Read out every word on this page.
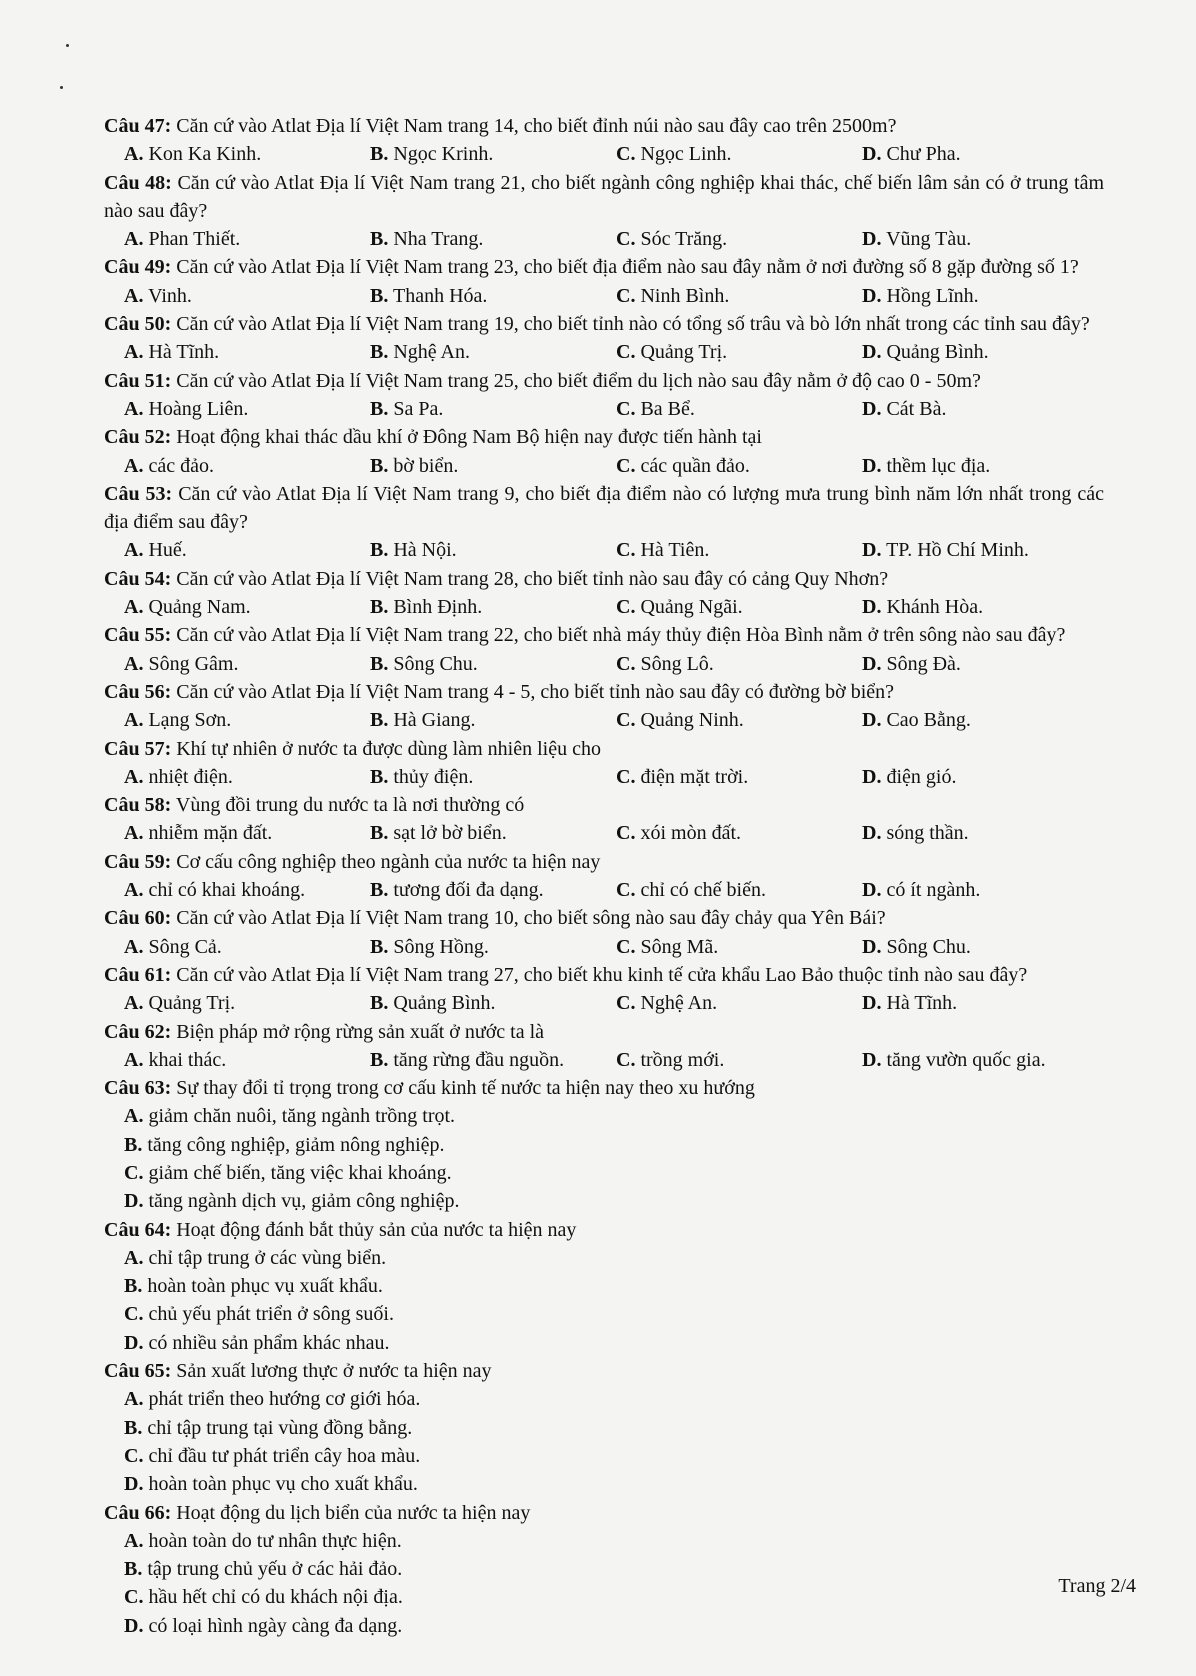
Câu 47: Căn cứ vào Atlat Địa lí Việt Nam trang 14, cho biết đỉnh núi nào sau đây cao trên 2500m?
A. Kon Ka Kinh.	B. Ngọc Krinh.	C. Ngọc Linh.	D. Chư Pha.
Câu 48: Căn cứ vào Atlat Địa lí Việt Nam trang 21, cho biết ngành công nghiệp khai thác, chế biến lâm sản có ở trung tâm nào sau đây?
A. Phan Thiết.	B. Nha Trang.	C. Sóc Trăng.	D. Vũng Tàu.
Câu 49: Căn cứ vào Atlat Địa lí Việt Nam trang 23, cho biết địa điểm nào sau đây nằm ở nơi đường số 8 gặp đường số 1?
A. Vinh.	B. Thanh Hóa.	C. Ninh Bình.	D. Hồng Lĩnh.
Câu 50: Căn cứ vào Atlat Địa lí Việt Nam trang 19, cho biết tỉnh nào có tổng số trâu và bò lớn nhất trong các tỉnh sau đây?
A. Hà Tĩnh.	B. Nghệ An.	C. Quảng Trị.	D. Quảng Bình.
Câu 51: Căn cứ vào Atlat Địa lí Việt Nam trang 25, cho biết điểm du lịch nào sau đây nằm ở độ cao 0 - 50m?
A. Hoàng Liên.	B. Sa Pa.	C. Ba Bể.	D. Cát Bà.
Câu 52: Hoạt động khai thác dầu khí ở Đông Nam Bộ hiện nay được tiến hành tại
A. các đảo.	B. bờ biển.	C. các quần đảo.	D. thềm lục địa.
Câu 53: Căn cứ vào Atlat Địa lí Việt Nam trang 9, cho biết địa điểm nào có lượng mưa trung bình năm lớn nhất trong các địa điểm sau đây?
A. Huế.	B. Hà Nội.	C. Hà Tiên.	D. TP. Hồ Chí Minh.
Câu 54: Căn cứ vào Atlat Địa lí Việt Nam trang 28, cho biết tỉnh nào sau đây có cảng Quy Nhơn?
A. Quảng Nam.	B. Bình Định.	C. Quảng Ngãi.	D. Khánh Hòa.
Câu 55: Căn cứ vào Atlat Địa lí Việt Nam trang 22, cho biết nhà máy thủy điện Hòa Bình nằm ở trên sông nào sau đây?
A. Sông Gâm.	B. Sông Chu.	C. Sông Lô.	D. Sông Đà.
Câu 56: Căn cứ vào Atlat Địa lí Việt Nam trang 4 - 5, cho biết tỉnh nào sau đây có đường bờ biển?
A. Lạng Sơn.	B. Hà Giang.	C. Quảng Ninh.	D. Cao Bằng.
Câu 57: Khí tự nhiên ở nước ta được dùng làm nhiên liệu cho
A. nhiệt điện.	B. thủy điện.	C. điện mặt trời.	D. điện gió.
Câu 58: Vùng đồi trung du nước ta là nơi thường có
A. nhiễm mặn đất.	B. sạt lở bờ biển.	C. xói mòn đất.	D. sóng thần.
Câu 59: Cơ cấu công nghiệp theo ngành của nước ta hiện nay
A. chỉ có khai khoáng.	B. tương đối đa dạng.	C. chỉ có chế biến.	D. có ít ngành.
Câu 60: Căn cứ vào Atlat Địa lí Việt Nam trang 10, cho biết sông nào sau đây chảy qua Yên Bái?
A. Sông Cả.	B. Sông Hồng.	C. Sông Mã.	D. Sông Chu.
Câu 61: Căn cứ vào Atlat Địa lí Việt Nam trang 27, cho biết khu kinh tế cửa khẩu Lao Bảo thuộc tỉnh nào sau đây?
A. Quảng Trị.	B. Quảng Bình.	C. Nghệ An.	D. Hà Tĩnh.
Câu 62: Biện pháp mở rộng rừng sản xuất ở nước ta là
A. khai thác.	B. tăng rừng đầu nguồn.	C. trồng mới.	D. tăng vườn quốc gia.
Câu 63: Sự thay đổi tỉ trọng trong cơ cấu kinh tế nước ta hiện nay theo xu hướng
A. giảm chăn nuôi, tăng ngành trồng trọt.
B. tăng công nghiệp, giảm nông nghiệp.
C. giảm chế biến, tăng việc khai khoáng.
D. tăng ngành dịch vụ, giảm công nghiệp.
Câu 64: Hoạt động đánh bắt thủy sản của nước ta hiện nay
A. chỉ tập trung ở các vùng biển.
B. hoàn toàn phục vụ xuất khẩu.
C. chủ yếu phát triển ở sông suối.
D. có nhiều sản phẩm khác nhau.
Câu 65: Sản xuất lương thực ở nước ta hiện nay
A. phát triển theo hướng cơ giới hóa.
B. chỉ tập trung tại vùng đồng bằng.
C. chỉ đầu tư phát triển cây hoa màu.
D. hoàn toàn phục vụ cho xuất khẩu.
Câu 66: Hoạt động du lịch biển của nước ta hiện nay
A. hoàn toàn do tư nhân thực hiện.
B. tập trung chủ yếu ở các hải đảo.
C. hầu hết chỉ có du khách nội địa.
D. có loại hình ngày càng đa dạng.
Trang 2/4
